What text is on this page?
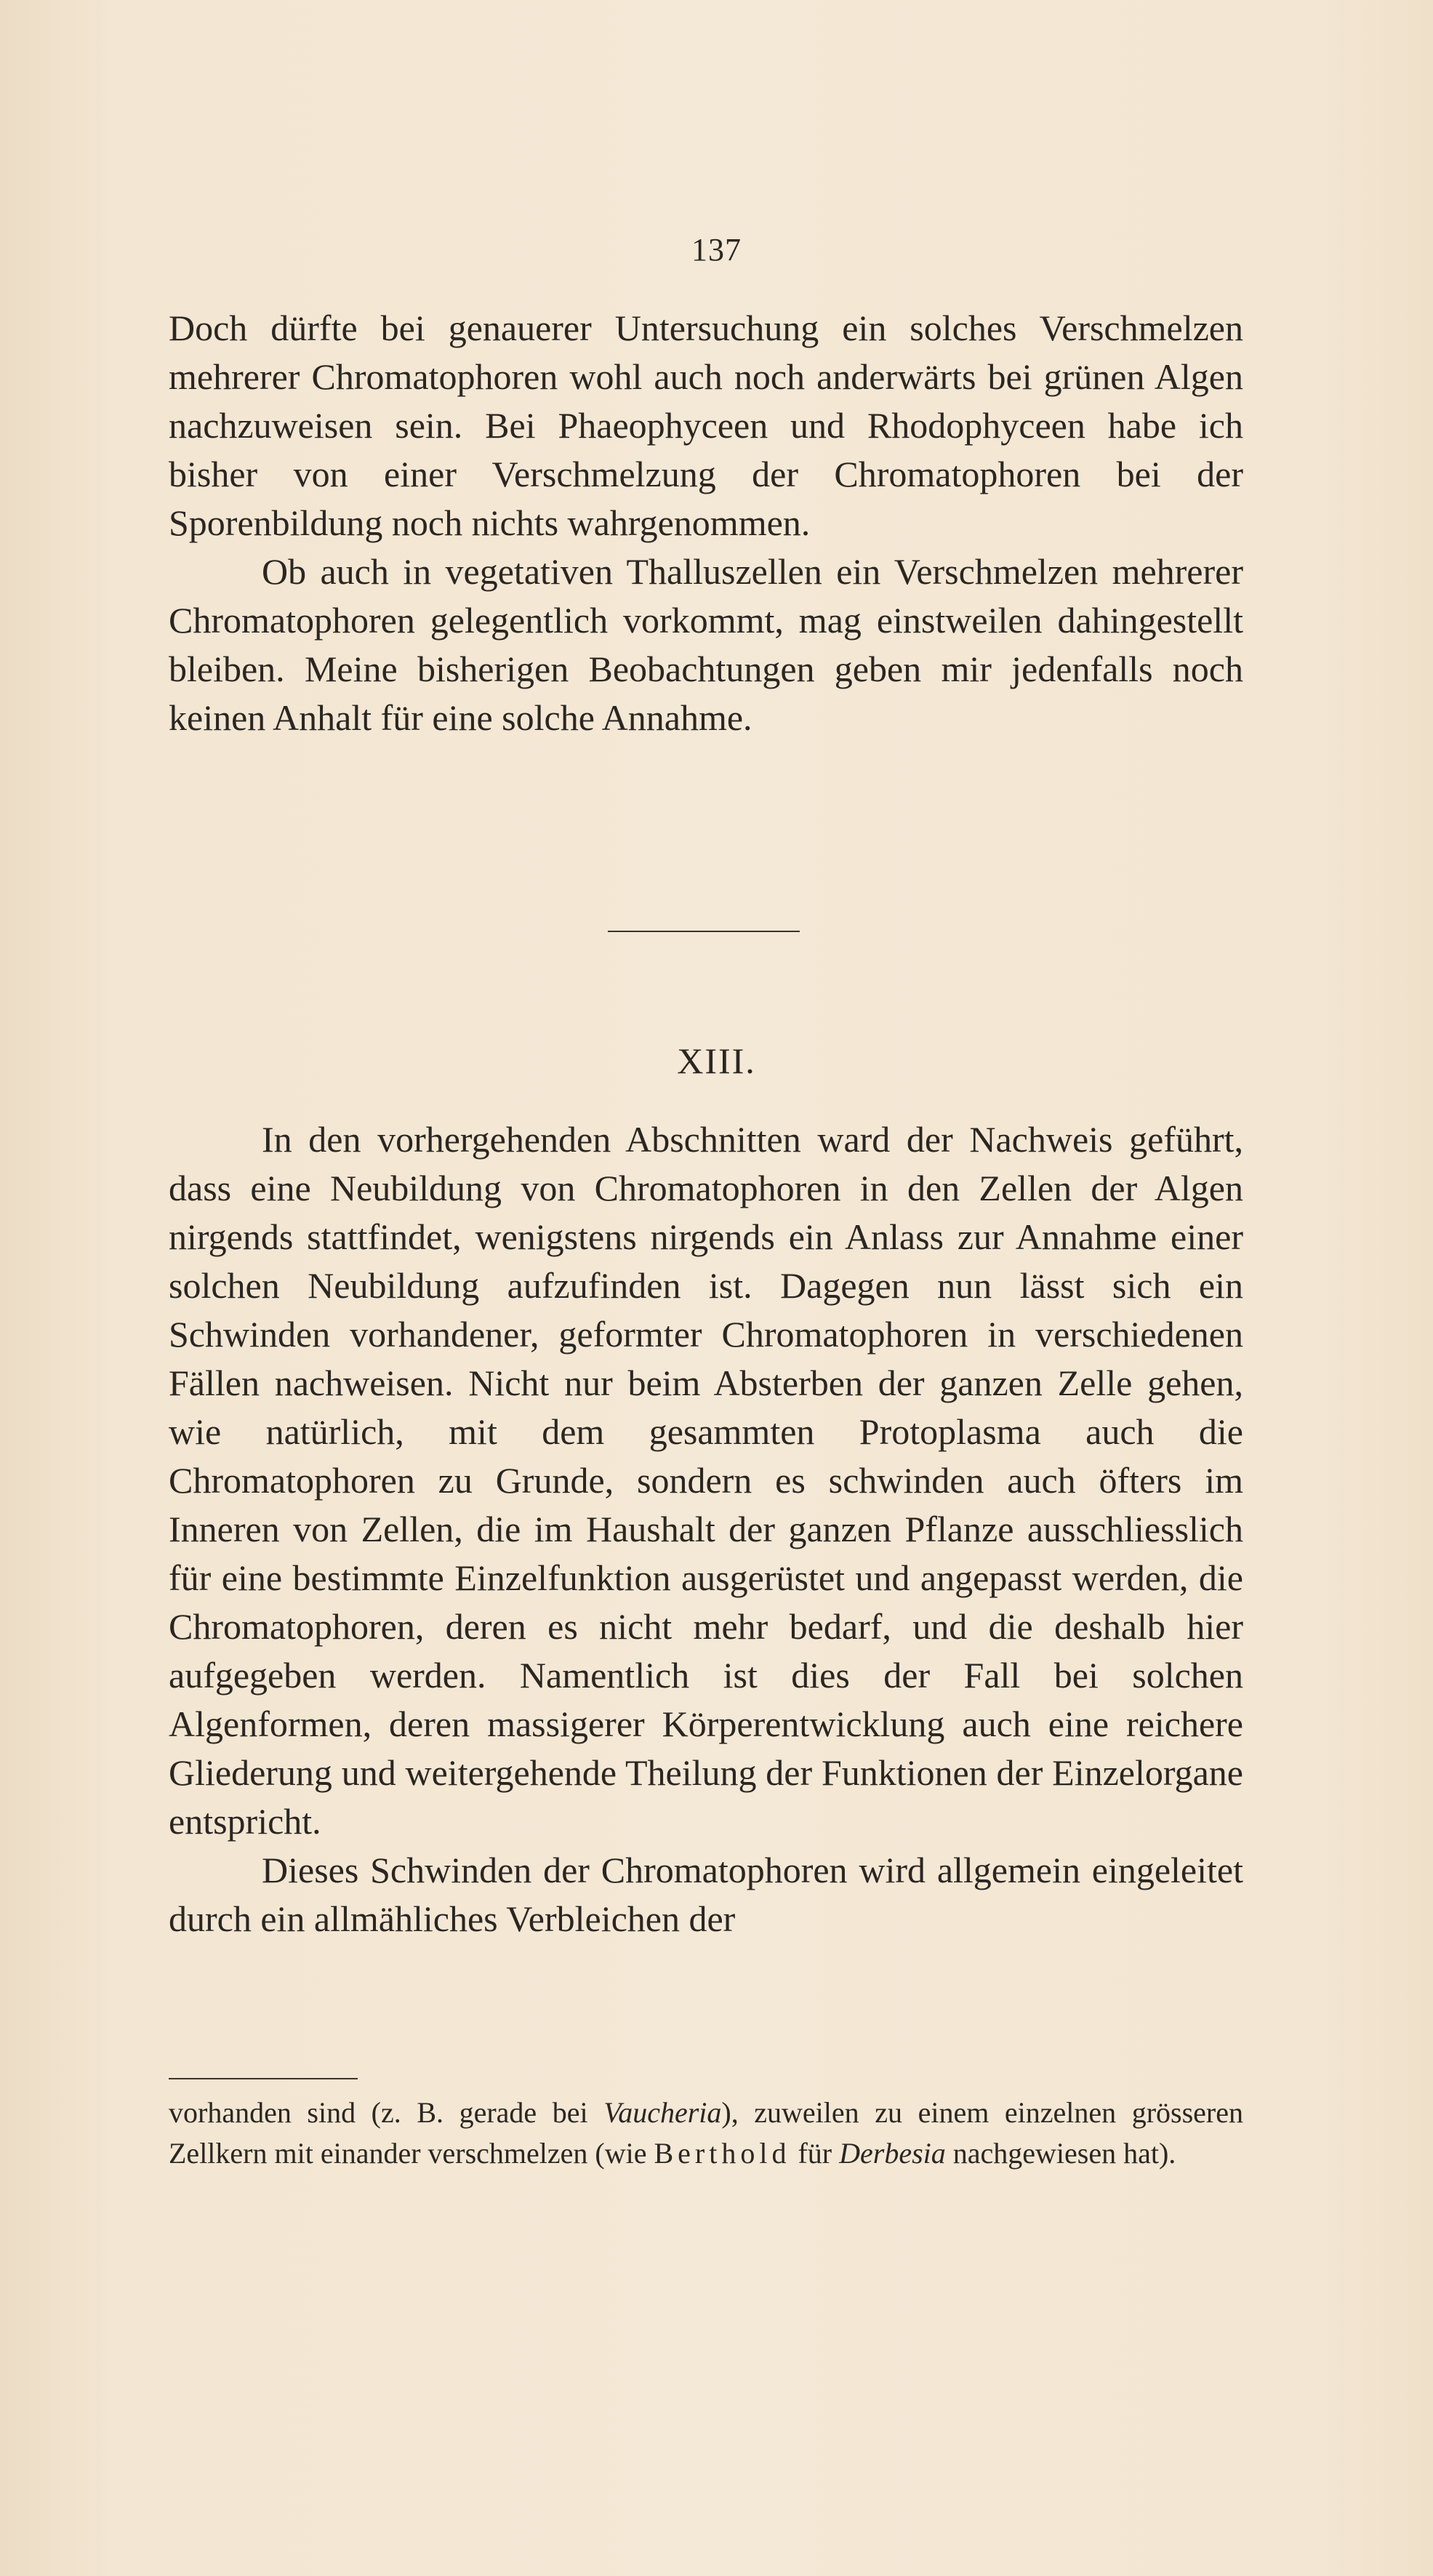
137

Doch dürfte bei genauerer Untersuchung ein solches Verschmelzen mehrerer Chromatophoren wohl auch noch anderwärts bei grünen Algen nachzuweisen sein. Bei Phaeophyceen und Rhodophyceen habe ich bisher von einer Verschmelzung der Chromatophoren bei der Sporenbildung noch nichts wahrgenommen.

Ob auch in vegetativen Thalluszellen ein Verschmelzen mehrerer Chromatophoren gelegentlich vorkommt, mag einstweilen dahingestellt bleiben. Meine bisherigen Beobachtungen geben mir jedenfalls noch keinen Anhalt für eine solche Annahme.

XIII.

In den vorhergehenden Abschnitten ward der Nachweis geführt, dass eine Neubildung von Chromatophoren in den Zellen der Algen nirgends stattfindet, wenigstens nirgends ein Anlass zur Annahme einer solchen Neubildung aufzufinden ist. Dagegen nun lässt sich ein Schwinden vorhandener, geformter Chromatophoren in verschiedenen Fällen nachweisen. Nicht nur beim Absterben der ganzen Zelle gehen, wie natürlich, mit dem gesammten Protoplasma auch die Chromatophoren zu Grunde, sondern es schwinden auch öfters im Inneren von Zellen, die im Haushalt der ganzen Pflanze ausschliesslich für eine bestimmte Einzelfunktion ausgerüstet und angepasst werden, die Chromatophoren, deren es nicht mehr bedarf, und die deshalb hier aufgegeben werden. Namentlich ist dies der Fall bei solchen Algenformen, deren massigerer Körperentwicklung auch eine reichere Gliederung und weitergehende Theilung der Funktionen der Einzelorgane entspricht.

Dieses Schwinden der Chromatophoren wird allgemein eingeleitet durch ein allmähliches Verbleichen der

vorhanden sind (z. B. gerade bei Vaucheria), zuweilen zu einem einzelnen grösseren Zellkern mit einander verschmelzen (wie Berthold für Derbesia nachgewiesen hat).
